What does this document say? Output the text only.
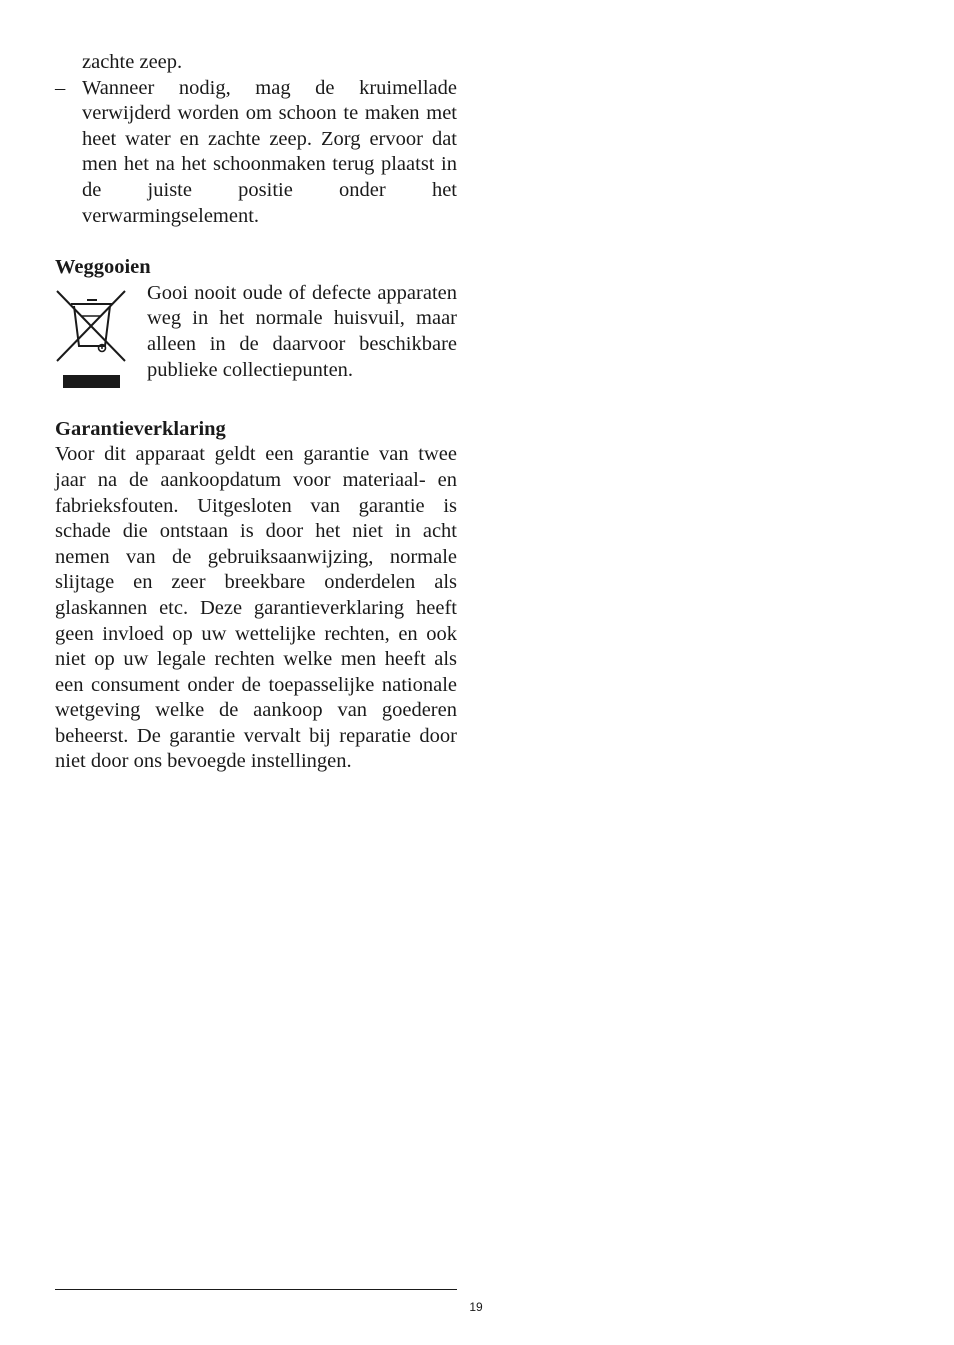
zachte zeep.

– Wanneer nodig, mag de kruimellade verwijderd worden om schoon te maken met heet water en zachte zeep. Zorg ervoor dat men het na het schoonmaken terug plaatst in de juiste positie onder het verwarmingselement.

Weggooien

Gooi nooit oude of defecte apparaten weg in het normale huisvuil, maar alleen in de daarvoor beschikbare publieke collectiepunten.

Garantieverklaring

Voor dit apparaat geldt een garantie van twee jaar na de aankoopdatum voor materiaal- en fabrieksfouten. Uitgesloten van garantie is schade die ontstaan is door het niet in acht nemen van de gebruiksaanwijzing, normale slijtage en zeer breekbare onderdelen als glaskannen etc. Deze garantieverklaring heeft geen invloed op uw wettelijke rechten, en ook niet op uw legale rechten welke men heeft als een consument onder de toepasselijke nationale wetgeving welke de aankoop van goederen beheerst. De garantie vervalt bij reparatie door niet door ons bevoegde instellingen.

19
